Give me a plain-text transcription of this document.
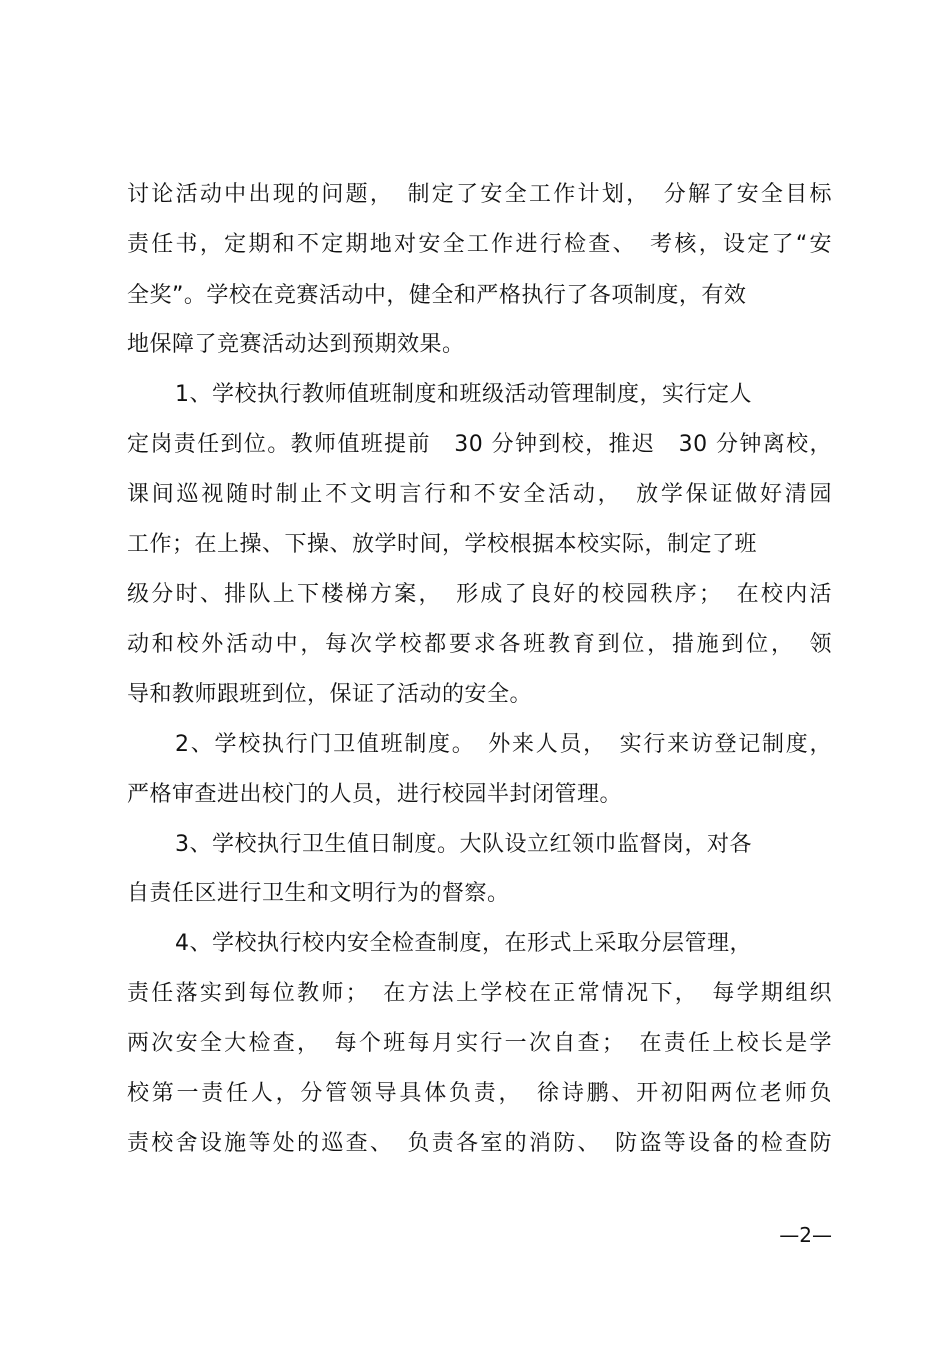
讨论活动中出现的问题，　制定了安全工作计划，　分解了安全目标
责任书，定期和不定期地对安全工作进行检查、　考核，设定了“安
全奖”。学校在竞赛活动中，健全和严格执行了各项制度，有效
地保障了竞赛活动达到预期效果。
1、学校执行教师值班制度和班级活动管理制度，实行定人
定岗责任到位。教师值班提前　30 分钟到校，推迟　30 分钟离校，
课间巡视随时制止不文明言行和不安全活动，　放学保证做好清园
工作；在上操、下操、放学时间，学校根据本校实际，制定了班
级分时、排队上下楼梯方案，　形成了良好的校园秩序；　在校内活
动和校外活动中，每次学校都要求各班教育到位，措施到位，　领
导和教师跟班到位，保证了活动的安全。
2、学校执行门卫值班制度。　外来人员，　实行来访登记制度，
严格审查进出校门的人员，进行校园半封闭管理。
3、学校执行卫生值日制度。大队设立红领巾监督岗，对各
自责任区进行卫生和文明行为的督察。
4、学校执行校内安全检查制度，在形式上采取分层管理，
责任落实到每位教师；　在方法上学校在正常情况下，　每学期组织
两次安全大检查，　每个班每月实行一次自查；　在责任上校长是学
校第一责任人，分管领导具体负责，　徐诗鹏、开初阳两位老师负
责校舍设施等处的巡查、　负责各室的消防、　防盗等设备的检查防
—2—
